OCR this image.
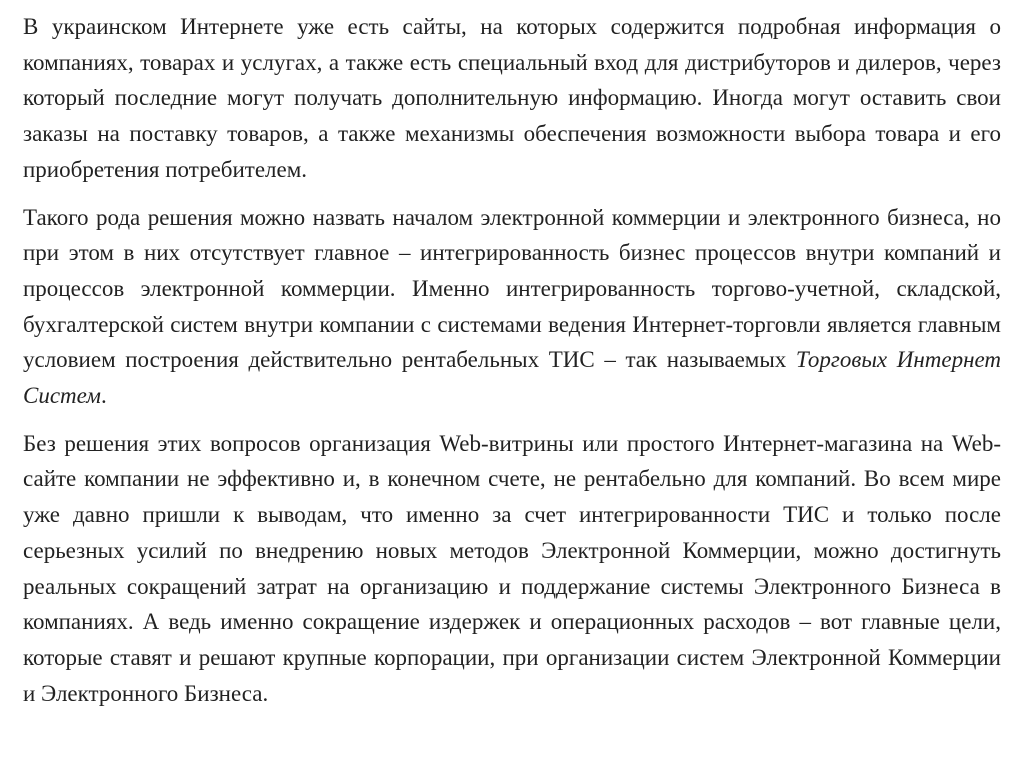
В украинском Интернете уже есть сайты, на которых содержится подробная информация о компаниях, товарах и услугах, а также есть специальный вход для дистрибуторов и дилеров, через который последние могут получать дополнительную информацию. Иногда могут оставить свои заказы на поставку товаров, а также механизмы обеспечения возможности выбора товара и его приобретения потребителем.

Такого рода решения можно назвать началом электронной коммерции и электронного бизнеса, но при этом в них отсутствует главное – интегрированность бизнес процессов внутри компаний и процессов электронной коммерции. Именно интегрированность торгово-учетной, складской, бухгалтерской систем внутри компании с системами ведения Интернет-торговли является главным условием построения действительно рентабельных ТИС – так называемых Торговых Интернет Систем.

Без решения этих вопросов организация Web-витрины или простого Интернет-магазина на Web-сайте компании не эффективно и, в конечном счете, не рентабельно для компаний. Во всем мире уже давно пришли к выводам, что именно за счет интегрированности ТИС и только после серьезных усилий по внедрению новых методов Электронной Коммерции, можно достигнуть реальных сокращений затрат на организацию и поддержание системы Электронного Бизнеса в компаниях. А ведь именно сокращение издержек и операционных расходов – вот главные цели, которые ставят и решают крупные корпорации, при организации систем Электронной Коммерции и Электронного Бизнеса.
